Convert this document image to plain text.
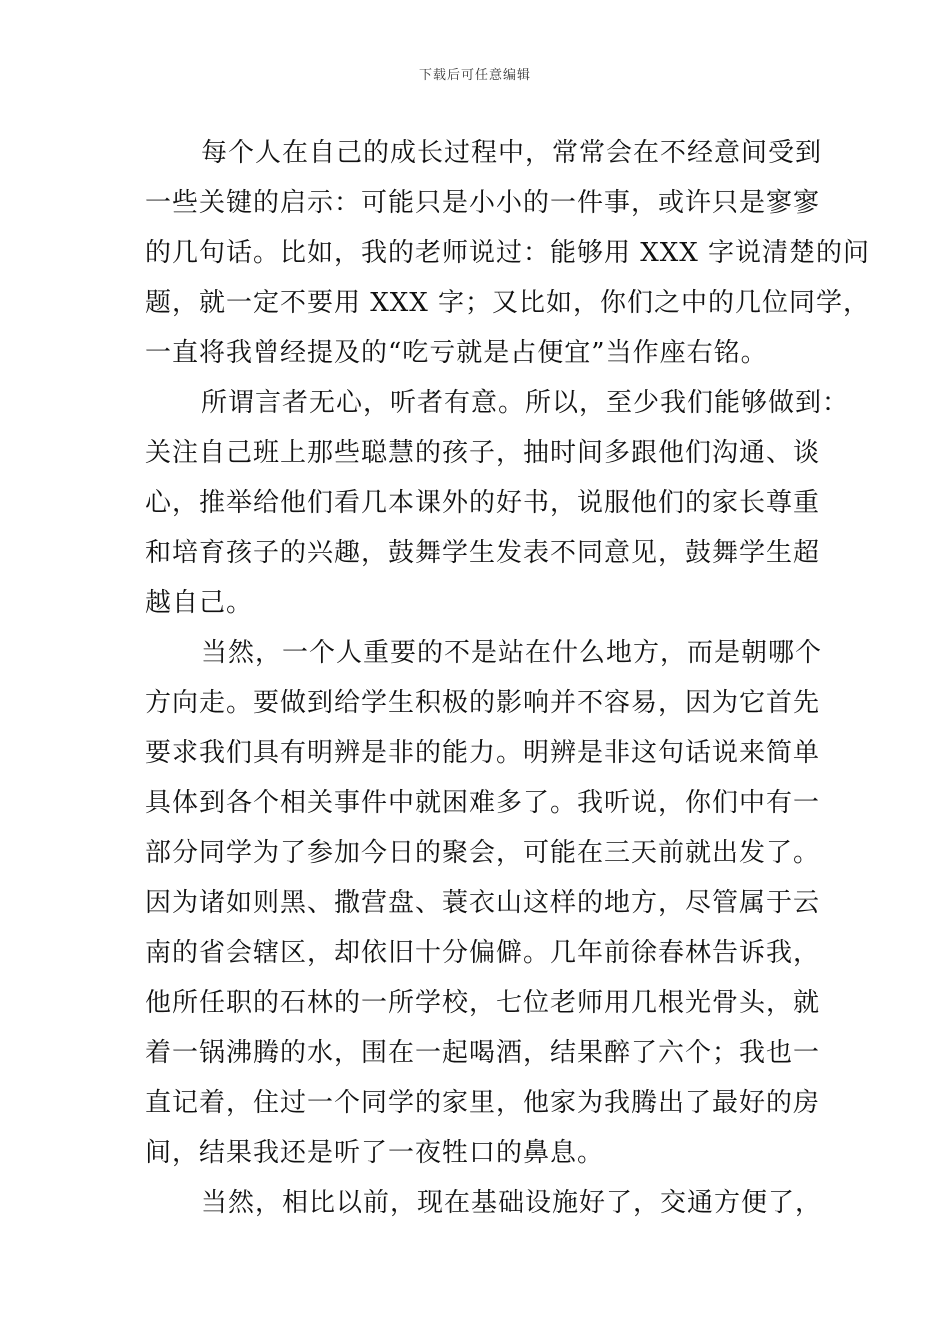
下载后可任意编辑
每个人在自己的成长过程中，常常会在不经意间受到
一些关键的启示：可能只是小小的一件事，或许只是寥寥
的几句话。比如，我的老师说过：能够用 XXX 字说清楚的问
题，就一定不要用 XXX 字；又比如，你们之中的几位同学，
一直将我曾经提及的“吃亏就是占便宜”当作座右铭。
所谓言者无心，听者有意。所以，至少我们能够做到：
关注自己班上那些聪慧的孩子，抽时间多跟他们沟通、谈
心，推举给他们看几本课外的好书，说服他们的家长尊重
和培育孩子的兴趣，鼓舞学生发表不同意见，鼓舞学生超
越自己。
当然，一个人重要的不是站在什么地方，而是朝哪个
方向走。要做到给学生积极的影响并不容易，因为它首先
要求我们具有明辨是非的能力。明辨是非这句话说来简单
具体到各个相关事件中就困难多了。我听说，你们中有一
部分同学为了参加今日的聚会，可能在三天前就出发了。
因为诸如则黑、撒营盘、蓑衣山这样的地方，尽管属于云
南的省会辖区，却依旧十分偏僻。几年前徐春林告诉我，
他所任职的石林的一所学校，七位老师用几根光骨头，就
着一锅沸腾的水，围在一起喝酒，结果醉了六个；我也一
直记着，住过一个同学的家里，他家为我腾出了最好的房
间，结果我还是听了一夜牲口的鼻息。
当然，相比以前，现在基础设施好了，交通方便了，
